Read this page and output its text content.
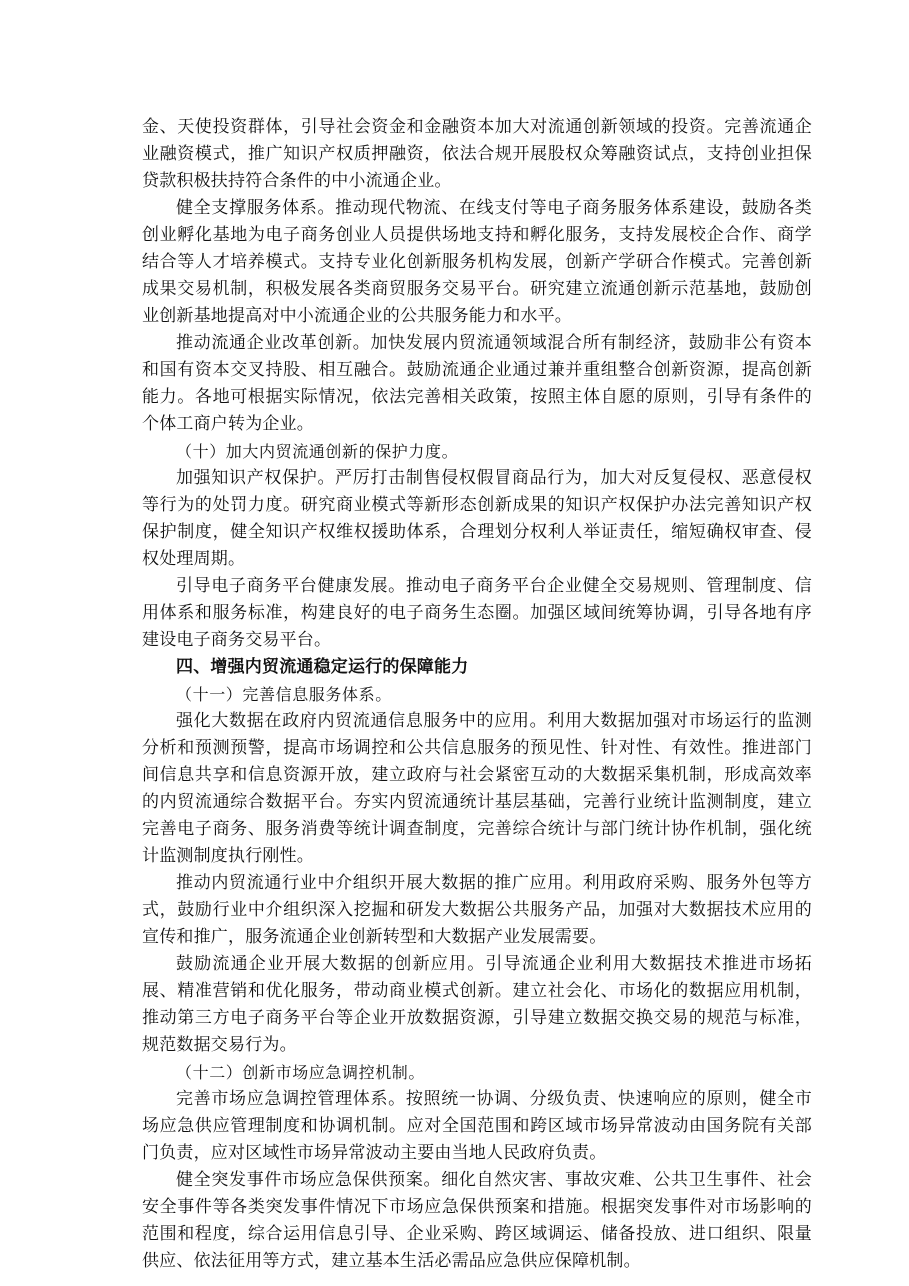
金、天使投资群体，引导社会资金和金融资本加大对流通创新领域的投资。完善流通企业融资模式，推广知识产权质押融资，依法合规开展股权众筹融资试点，支持创业担保贷款积极扶持符合条件的中小流通企业。

健全支撑服务体系。推动现代物流、在线支付等电子商务服务体系建设，鼓励各类创业孵化基地为电子商务创业人员提供场地支持和孵化服务，支持发展校企合作、商学结合等人才培养模式。支持专业化创新服务机构发展，创新产学研合作模式。完善创新成果交易机制，积极发展各类商贸服务交易平台。研究建立流通创新示范基地，鼓励创业创新基地提高对中小流通企业的公共服务能力和水平。

推动流通企业改革创新。加快发展内贸流通领域混合所有制经济，鼓励非公有资本和国有资本交叉持股、相互融合。鼓励流通企业通过兼并重组整合创新资源，提高创新能力。各地可根据实际情况，依法完善相关政策，按照主体自愿的原则，引导有条件的个体工商户转为企业。

（十）加大内贸流通创新的保护力度。

加强知识产权保护。严厉打击制售侵权假冒商品行为，加大对反复侵权、恶意侵权等行为的处罚力度。研究商业模式等新形态创新成果的知识产权保护办法完善知识产权保护制度，健全知识产权维权援助体系，合理划分权利人举证责任，缩短确权审查、侵权处理周期。

引导电子商务平台健康发展。推动电子商务平台企业健全交易规则、管理制度、信用体系和服务标准，构建良好的电子商务生态圈。加强区域间统筹协调，引导各地有序建设电子商务交易平台。

四、增强内贸流通稳定运行的保障能力

（十一）完善信息服务体系。

强化大数据在政府内贸流通信息服务中的应用。利用大数据加强对市场运行的监测分析和预测预警，提高市场调控和公共信息服务的预见性、针对性、有效性。推进部门间信息共享和信息资源开放，建立政府与社会紧密互动的大数据采集机制，形成高效率的内贸流通综合数据平台。夯实内贸流通统计基层基础，完善行业统计监测制度，建立完善电子商务、服务消费等统计调查制度，完善综合统计与部门统计协作机制，强化统计监测制度执行刚性。

推动内贸流通行业中介组织开展大数据的推广应用。利用政府采购、服务外包等方式，鼓励行业中介组织深入挖掘和研发大数据公共服务产品，加强对大数据技术应用的宣传和推广，服务流通企业创新转型和大数据产业发展需要。

鼓励流通企业开展大数据的创新应用。引导流通企业利用大数据技术推进市场拓展、精准营销和优化服务，带动商业模式创新。建立社会化、市场化的数据应用机制，推动第三方电子商务平台等企业开放数据资源，引导建立数据交换交易的规范与标准，规范数据交易行为。

（十二）创新市场应急调控机制。

完善市场应急调控管理体系。按照统一协调、分级负责、快速响应的原则，健全市场应急供应管理制度和协调机制。应对全国范围和跨区域市场异常波动由国务院有关部门负责，应对区域性市场异常波动主要由当地人民政府负责。

健全突发事件市场应急保供预案。细化自然灾害、事故灾难、公共卫生事件、社会安全事件等各类突发事件情况下市场应急保供预案和措施。根据突发事件对市场影响的范围和程度，综合运用信息引导、企业采购、跨区域调运、储备投放、进口组织、限量供应、依法征用等方式，建立基本生活必需品应急供应保障机制。
